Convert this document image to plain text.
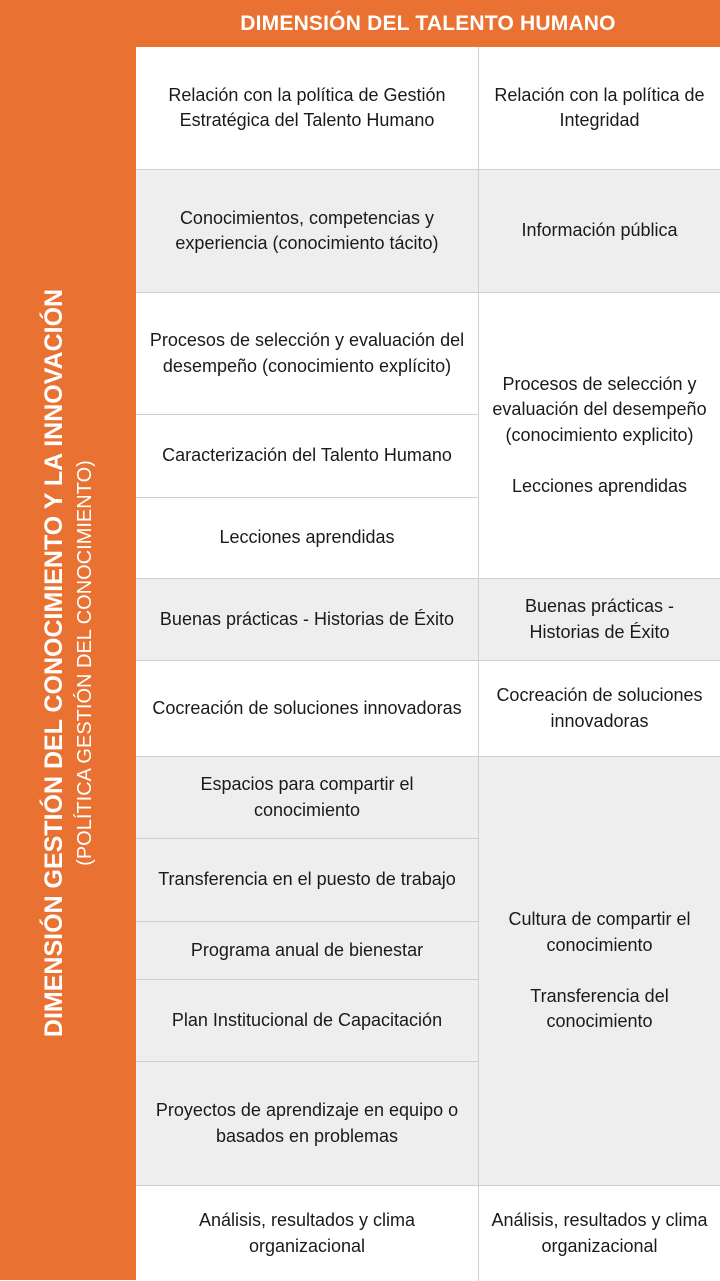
DIMENSIÓN DEL TALENTO HUMANO
DIMENSIÓN GESTIÓN DEL CONOCIMIENTO Y LA INNOVACIÓN (POLÍTICA GESTIÓN DEL CONOCIMIENTO)
Relación con la política de Gestión Estratégica del Talento Humano
Conocimientos, competencias y experiencia (conocimiento tácito)
Procesos de selección y evaluación del desempeño (conocimiento explícito)
Caracterización del Talento Humano
Lecciones aprendidas
Buenas prácticas - Historias de Éxito
Cocreación de soluciones innovadoras
Espacios para compartir el conocimiento
Transferencia en el puesto de trabajo
Programa anual de bienestar
Plan Institucional de Capacitación
Proyectos de aprendizaje en equipo o basados en problemas
Análisis, resultados y clima organizacional
Relación con la política de Integridad
Información pública
Procesos de selección y evaluación del desempeño (conocimiento explicito)

Lecciones aprendidas
Buenas prácticas - Historias de Éxito
Cocreación de soluciones innovadoras
Cultura de compartir el conocimiento

Transferencia del conocimiento
Análisis, resultados y clima organizacional
